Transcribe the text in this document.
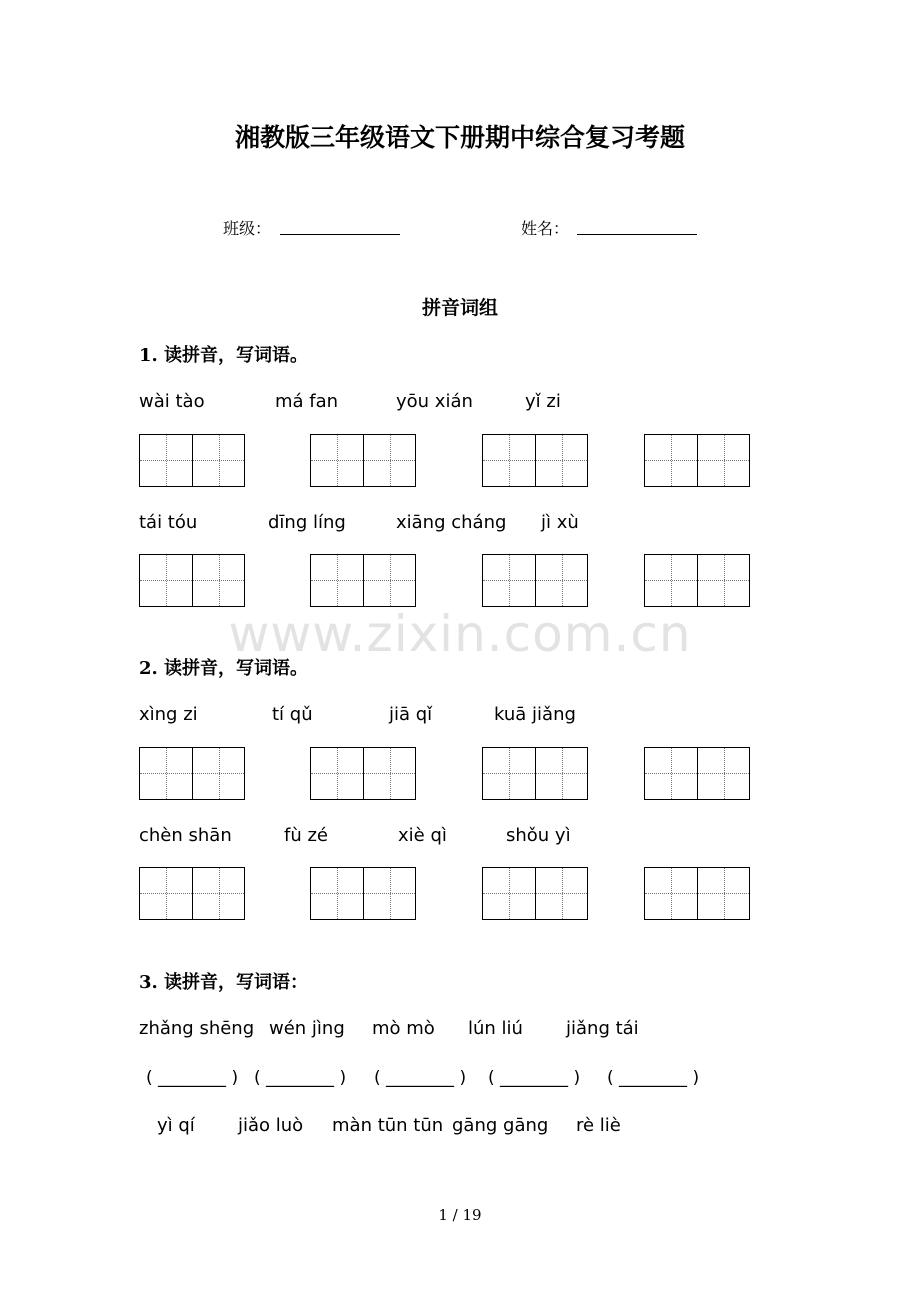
湘教版三年级语文下册期中综合复习考题
班级：	姓名：
拼音词组
www.zixin.com.cn
1. 读拼音，写词语。
wài tào	má fan	yōu xián	yǐ zi
tái tóu	dīng líng	xiāng cháng jì xù
2. 读拼音，写词语。
xìng zi	tí qǔ	jiā qǐ	kuā jiǎng
chèn shān	fù zé	xiè qì	shǒu yì
3. 读拼音，写词语：
zhǎng shēng wén jìng mò mò lún liú jiǎng tái
( ________ ) ( ________ ) ( ________ ) ( ________ ) ( ________ )
yì qí jiǎo luò màn tūn tūn gāng gāng rè liè
1 / 19
